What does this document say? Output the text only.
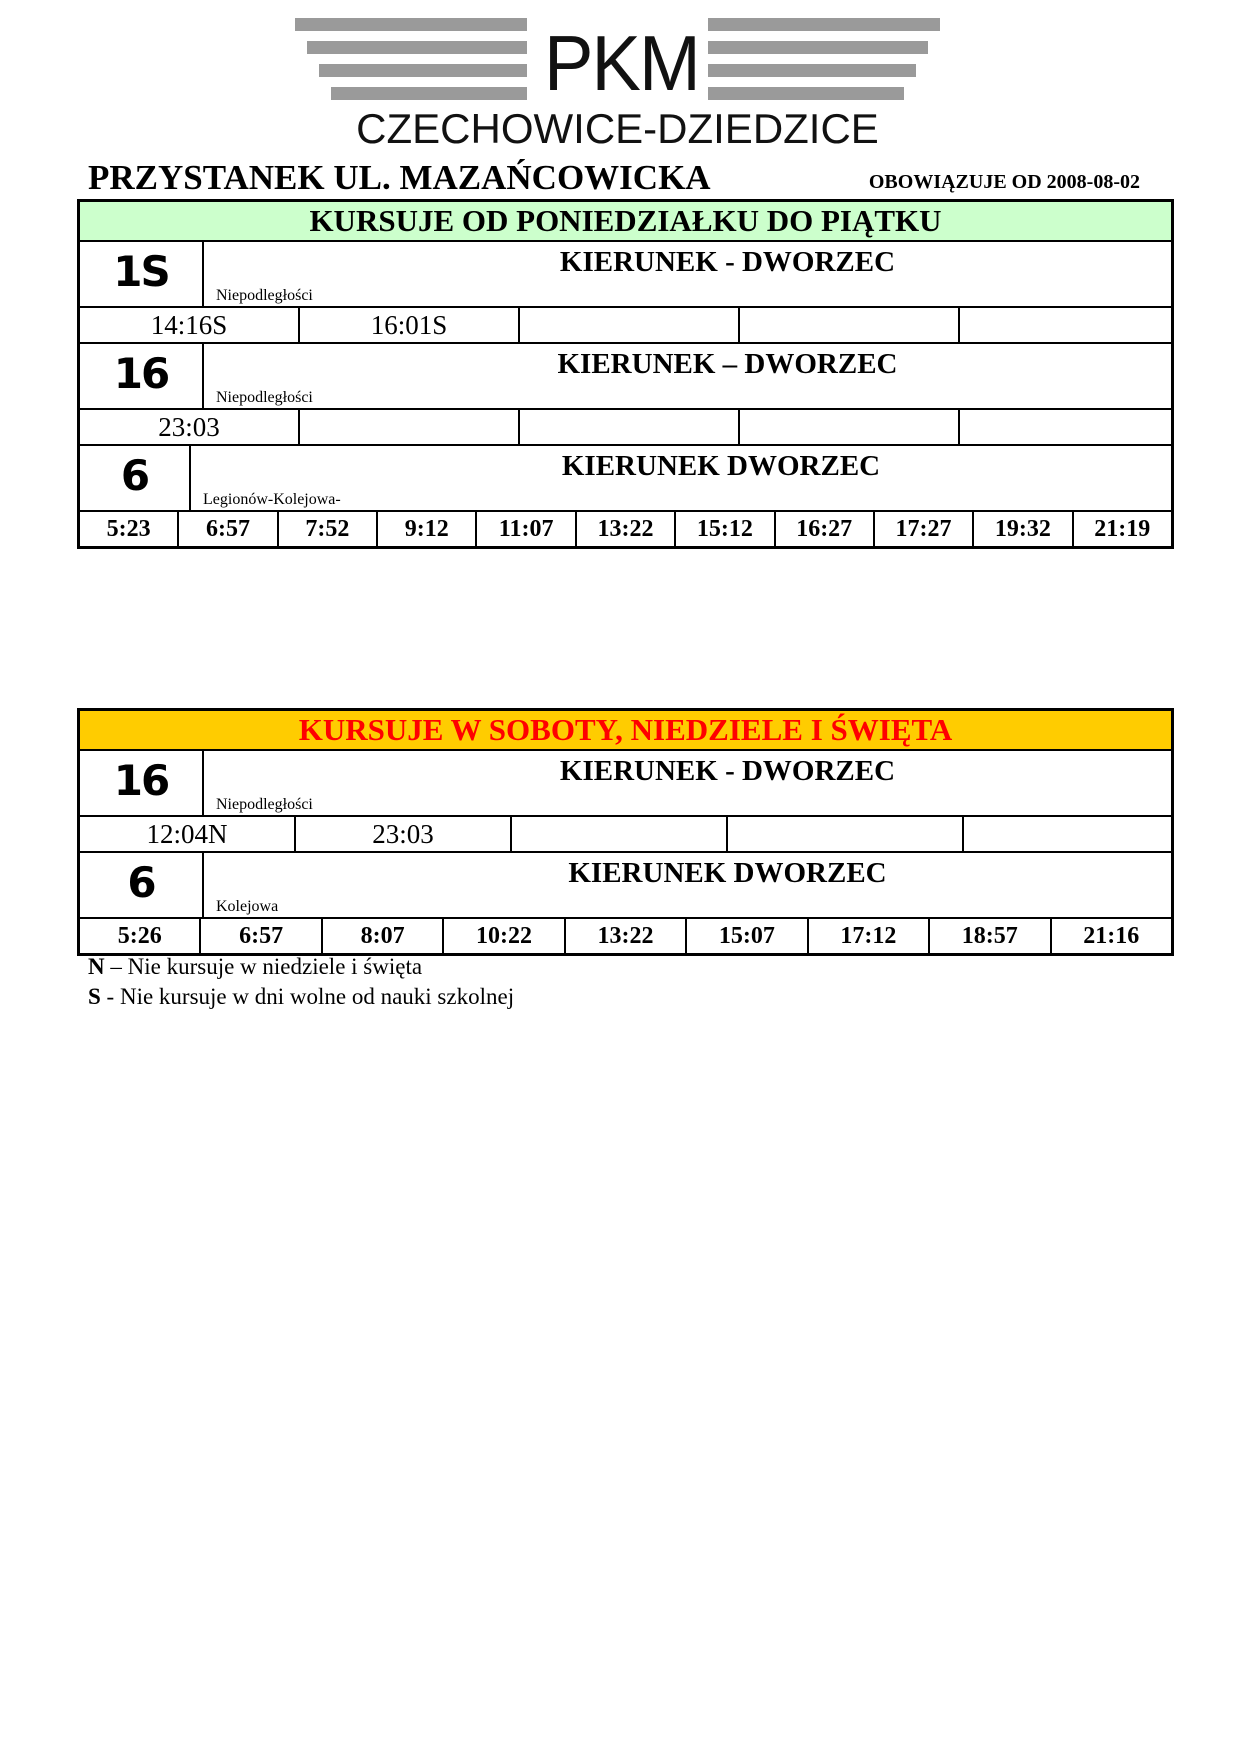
PKM
CZECHOWICE-DZIEDZICE
PRZYSTANEK UL. MAZAŃCOWICKA	OBOWIĄZUJE OD 2008-08-02
KURSUJE OD PONIEDZIAŁKU DO PIĄTKU
1S	KIERUNEK - DWORZEC
Niepodległości
14:16S	16:01S
16	KIERUNEK – DWORZEC
Niepodległości
23:03
6	KIERUNEK DWORZEC
Legionów-Kolejowa-
5:23	6:57	7:52	9:12	11:07	13:22	15:12	16:27	17:27	19:32	21:19
KURSUJE W SOBOTY, NIEDZIELE I ŚWIĘTA
16	KIERUNEK - DWORZEC
Niepodległości
12:04N	23:03
6	KIERUNEK DWORZEC
Kolejowa
5:26	6:57	8:07	10:22	13:22	15:07	17:12	18:57	21:16
N – Nie kursuje w niedziele i święta
S - Nie kursuje w dni wolne od nauki szkolnej
